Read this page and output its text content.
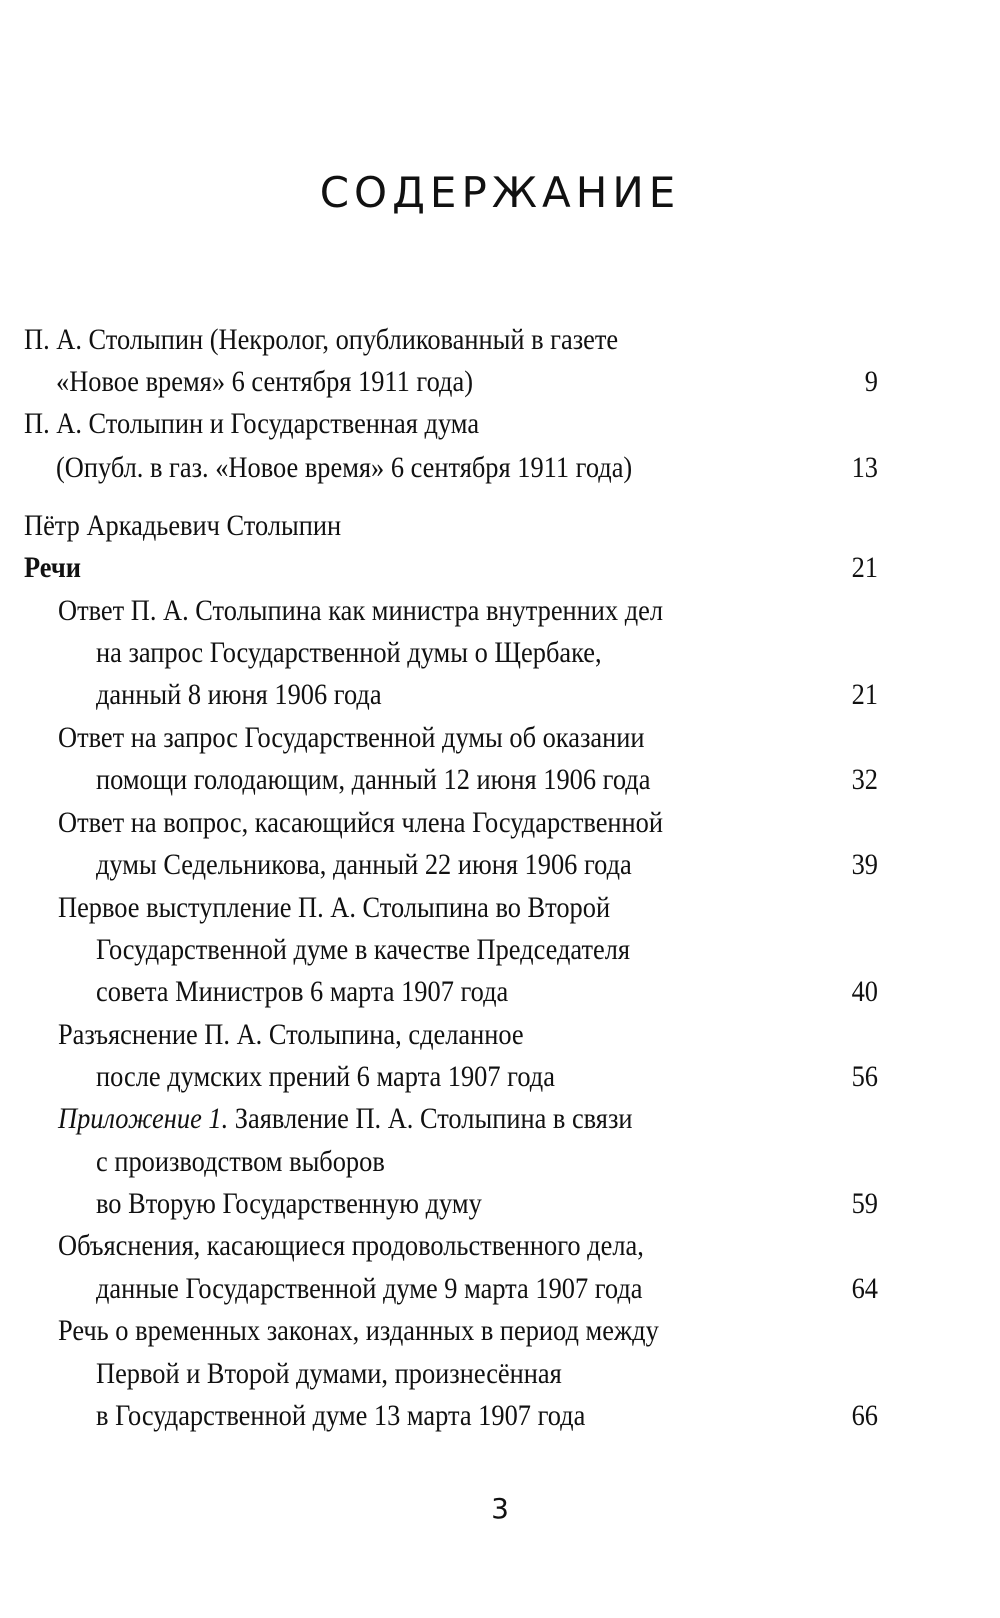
СОДЕРЖАНИЕ
П. А. Столыпин (Некролог, опубликованный в газете
«Новое время» 6 сентября 1911 года)	9
П. А. Столыпин и Государственная дума
(Опубл. в газ. «Новое время» 6 сентября 1911 года)	13
Пётр Аркадьевич Столыпин
Речи	21
Ответ П. А. Столыпина как министра внутренних дел
на запрос Государственной думы о Щербаке,
данный 8 июня 1906 года	21
Ответ на запрос Государственной думы об оказании
помощи голодающим, данный 12 июня 1906 года	32
Ответ на вопрос, касающийся члена Государственной
думы Седельникова, данный 22 июня 1906 года	39
Первое выступление П. А. Столыпина во Второй
Государственной думе в качестве Председателя
совета Министров 6 марта 1907 года	40
Разъяснение П. А. Столыпина, сделанное
после думских прений 6 марта 1907 года	56
Приложение 1. Заявление П. А. Столыпина в связи
с производством выборов
во Вторую Государственную думу	59
Объяснения, касающиеся продовольственного дела,
данные Государственной думе 9 марта 1907 года	64
Речь о временных законах, изданных в период между
Первой и Второй думами, произнесённая
в Государственной думе 13 марта 1907 года	66
3
